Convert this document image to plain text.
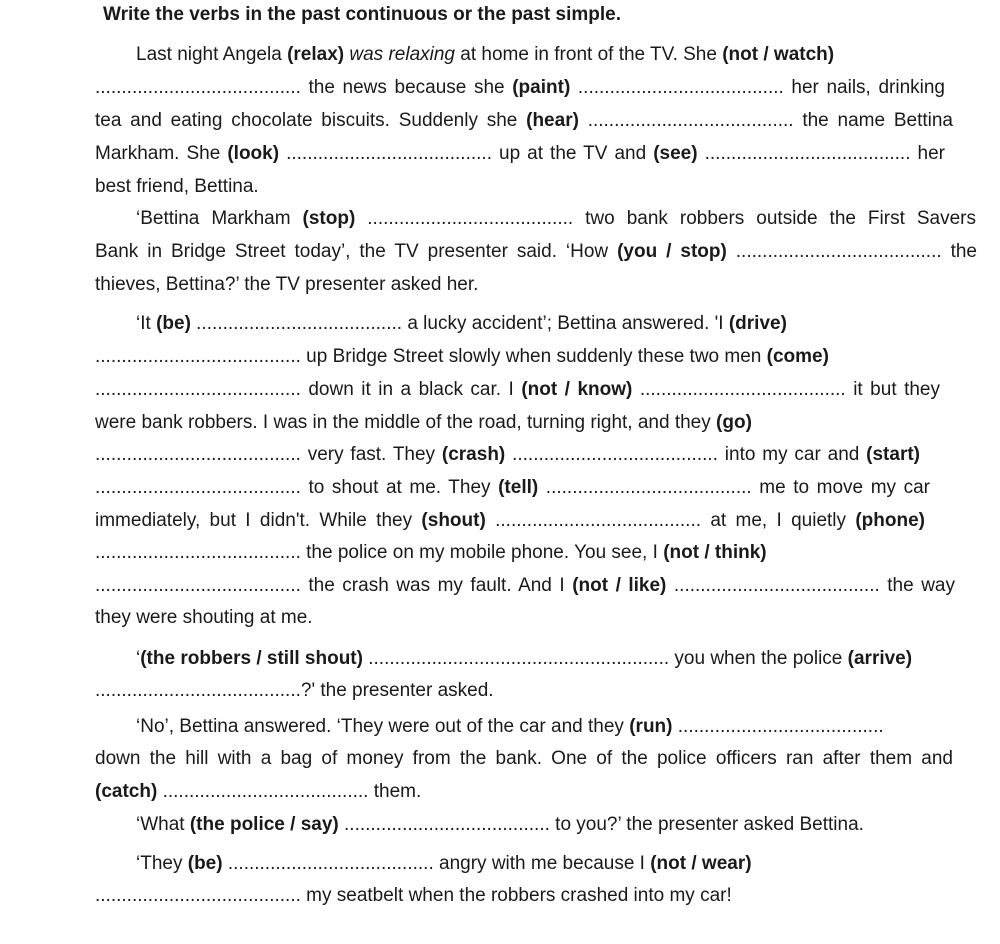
Write the verbs in the past continuous or the past simple.
Last night Angela (relax) was relaxing at home in front of the TV. She (not / watch)
....................................... the news because she (paint) ....................................... her nails, drinking
tea and eating chocolate biscuits. Suddenly she (hear) ....................................... the name Bettina
Markham. She (look) ....................................... up at the TV and (see) ....................................... her
best friend, Bettina.
‘Bettina Markham (stop) ....................................... two bank robbers outside the First Savers
Bank in Bridge Street today’, the TV presenter said. ‘How (you / stop) ....................................... the
thieves, Bettina?’ the TV presenter asked her.
‘It (be) ....................................... a lucky accident’; Bettina answered. 'I (drive)
....................................... up Bridge Street slowly when suddenly these two men (come)
....................................... down it in a black car. I (not / know) ....................................... it but they
were bank robbers. I was in the middle of the road, turning right, and they (go)
....................................... very fast. They (crash) ....................................... into my car and (start)
....................................... to shout at me. They (tell) ....................................... me to move my car
immediately, but I didn't. While they (shout) ....................................... at me, I quietly (phone)
....................................... the police on my mobile phone. You see, I (not / think)
....................................... the crash was my fault. And I (not / like) ....................................... the way
they were shouting at me.
‘(the robbers / still shout) ......................................................... you when the police (arrive)
.......................................?' the presenter asked.
‘No’, Bettina answered. ‘They were out of the car and they (run) .......................................
down the hill with a bag of money from the bank. One of the police officers ran after them and
(catch) ....................................... them.
‘What (the police / say) ....................................... to you?’ the presenter asked Bettina.
‘They (be) ....................................... angry with me because I (not / wear)
....................................... my seatbelt when the robbers crashed into my car!
